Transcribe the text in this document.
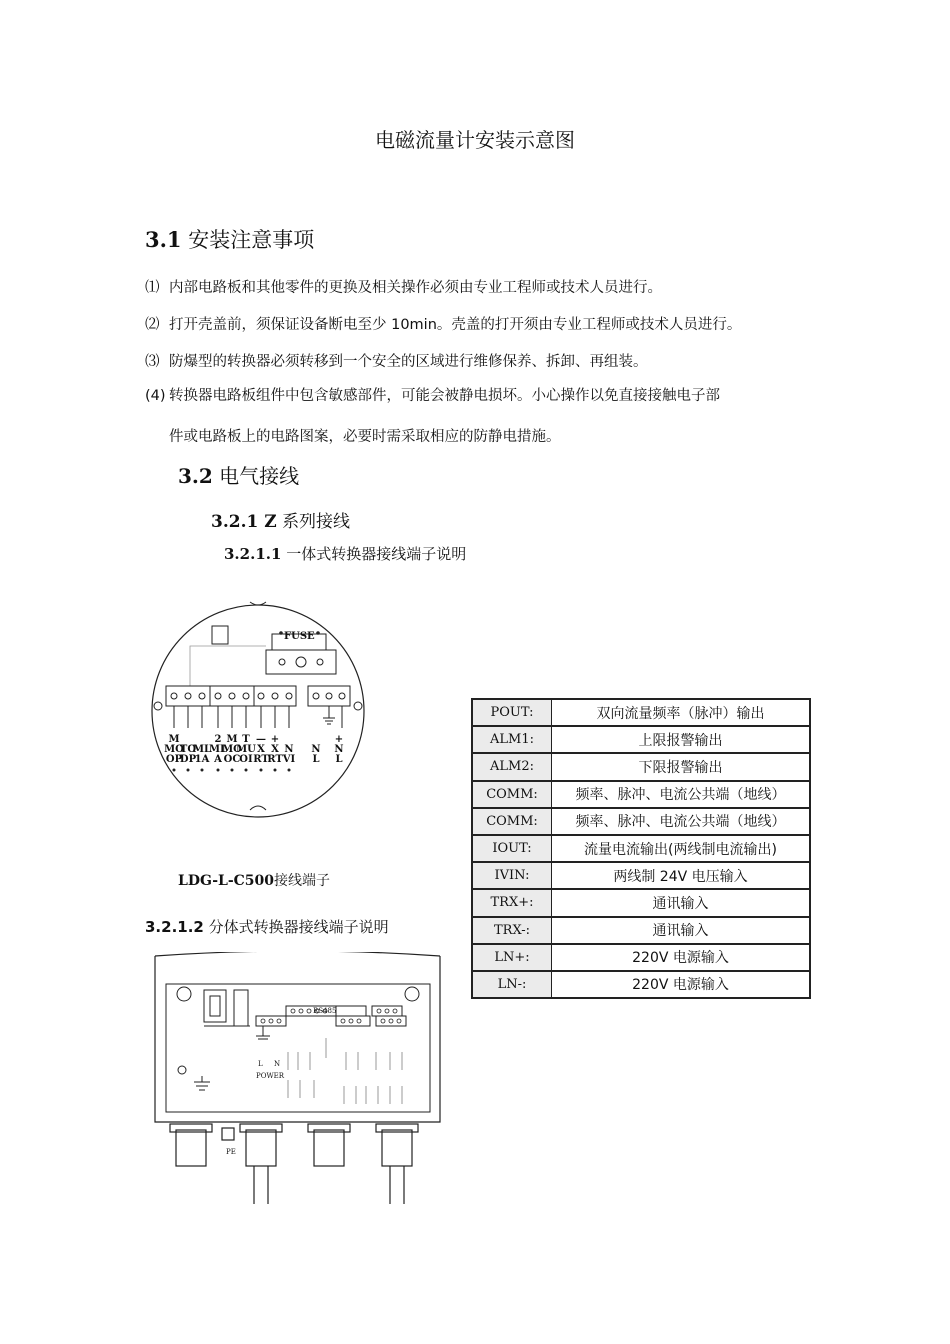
电磁流量计安装示意图
3.1 安装注意事项
⑴ 内部电路板和其他零件的更换及相关操作必须由专业工程师或技术人员进行。
⑵ 打开壳盖前，须保证设备断电至少 10min。壳盖的打开须由专业工程师或技术人员进行。
⑶ 防爆型的转换器必须转移到一个安全的区域进行维修保养、拆卸、再组装。
(4) 转换器电路板组件中包含敏感部件，可能会被静电损坏。小心操作以免直接接触电子部
件或电路板上的电路图案，必要时需采取相应的防静电措施。
3.2 电气接线
3.2.1 Z 系列接线
3.2.1.1 一体式转换器接线端子说明
FUSE
M
MO
OP
TO
DP
ML
1A
2
ML
A
M
MO
OC
T
MU
OI
—
X
RT
+
X
RT
N
VI
N
L
+
N
L
LDG-L-C500接线端子
POUT:	双向流量频率（脉冲）输出
ALM1:	上限报警输出
ALM2:	下限报警输出
COMM:	频率、脉冲、电流公共端（地线）
COMM:	频率、脉冲、电流公共端（地线）
IOUT:	流量电流输出(两线制电流输出)
IVIN:	两线制 24V 电压输入
TRX+:	通讯输入
TRX-:	通讯输入
LN+:	220V 电源输入
LN-:	220V 电源输入
3.2.1.2 分体式转换器接线端子说明
RS485
L N
POWER
PE
